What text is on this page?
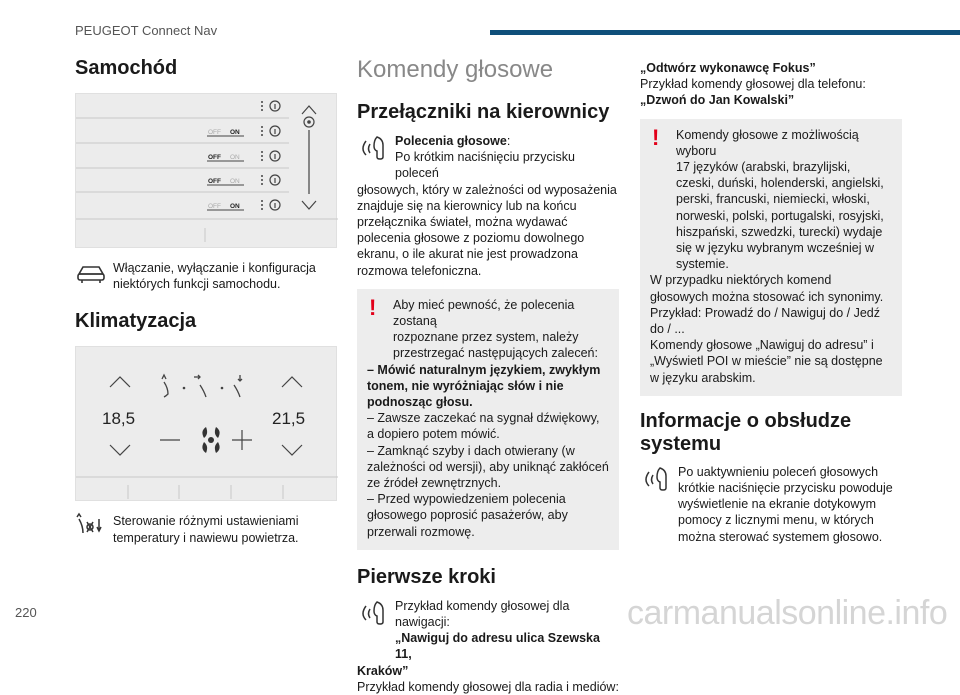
PEUGEOT Connect Nav
220	carmanualsonline.info
Samochód
OFF ON
OFF ON
OFF ON
OFF ON

Włączanie, wyłączanie i konfiguracja niektórych funkcji samochodu.

Klimatyzacja
18,5	21,5

Sterowanie różnymi ustawieniami temperatury i nawiewu powietrza.

Komendy głosowe
Przełączniki na kierownicy

Polecenia głosowe:

Po krótkim naciśnięciu przycisku poleceń

głosowych, który w zależności od wyposażenia znajduje się na kierownicy lub na końcu przełącznika świateł, można wydawać polecenia głosowe z poziomu dowolnego ekranu, o ile akurat nie jest prowadzona rozmowa telefoniczna.

!	Aby mieć pewność, że polecenia zostaną

rozpoznane przez system, należy przestrzegać następujących zaleceń:

– Mówić naturalnym językiem, zwykłym tonem, nie wyróżniając słów i nie podnosząc głosu.

– Zawsze zaczekać na sygnał dźwiękowy, a dopiero potem mówić.

– Zamknąć szyby i dach otwierany (w zależności od wersji), aby uniknąć zakłóceń ze źródeł zewnętrznych.

– Przed wypowiedzeniem polecenia głosowego poprosić pasażerów, aby przerwali rozmowę.

Pierwsze kroki

Przykład komendy głosowej dla nawigacji:

„Nawiguj do adresu ulica Szewska 11,

Kraków”

Przykład komendy głosowej dla radia i mediów:

„Odtwórz wykonawcę Fokus”

Przykład komendy głosowej dla telefonu:

„Dzwoń do Jan Kowalski”

!	Komendy głosowe z możliwością wyboru

17 języków (arabski, brazylijski, czeski, duński, holenderski, angielski, perski, francuski, niemiecki, włoski, norweski, polski, portugalski, rosyjski, hiszpański, szwedzki, turecki) wydaje się w języku wybranym wcześniej w systemie.

W przypadku niektórych komend głosowych można stosować ich synonimy.

Przykład: Prowadź do / Nawiguj do / Jedź do / ...

Komendy głosowe „Nawiguj do adresu” i „Wyświetl POI w mieście” nie są dostępne w języku arabskim.

Informacje o obsłudze systemu

Po uaktywnieniu poleceń głosowych

krótkie naciśnięcie przycisku powoduje wyświetlenie na ekranie dotykowym pomocy z licznymi menu, w których można sterować systemem głosowo.
